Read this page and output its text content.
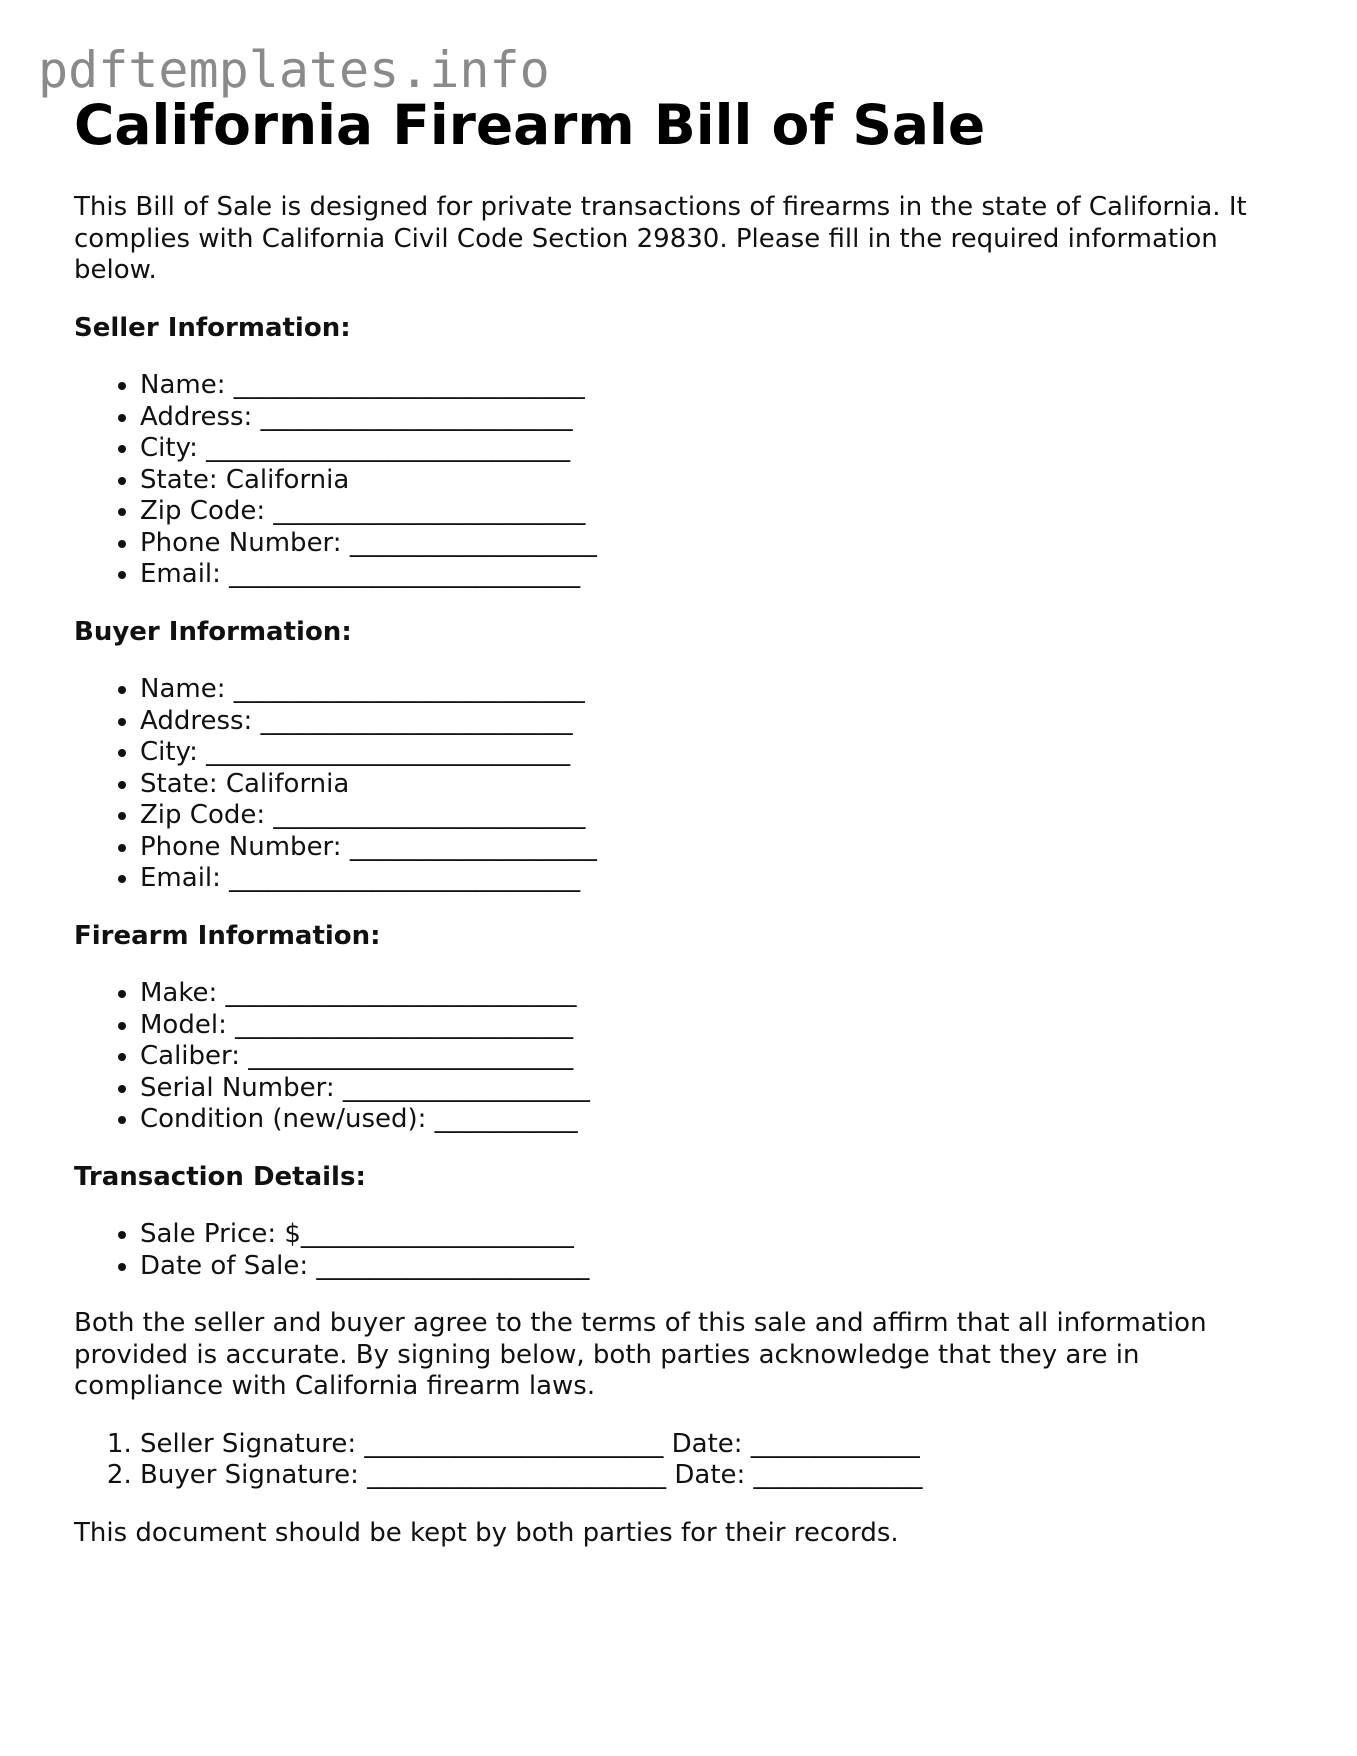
pdftemplates.info
California Firearm Bill of Sale

This Bill of Sale is designed for private transactions of firearms in the state of California. It complies with California Civil Code Section 29830. Please fill in the required information below.

Seller Information:

• Name: ___________________________
• Address: ________________________
• City: ____________________________
• State: California
• Zip Code: ________________________
• Phone Number: ___________________
• Email: ___________________________

Buyer Information:

• Name: ___________________________
• Address: ________________________
• City: ____________________________
• State: California
• Zip Code: ________________________
• Phone Number: ___________________
• Email: ___________________________

Firearm Information:

• Make: ___________________________
• Model: __________________________
• Caliber: _________________________
• Serial Number: ___________________
• Condition (new/used): ___________

Transaction Details:

• Sale Price: $_____________________
• Date of Sale: _____________________

Both the seller and buyer agree to the terms of this sale and affirm that all information provided is accurate. By signing below, both parties acknowledge that they are in compliance with California firearm laws.

1. Seller Signature: _______________________ Date: _____________
2. Buyer Signature: _______________________ Date: _____________

This document should be kept by both parties for their records.
